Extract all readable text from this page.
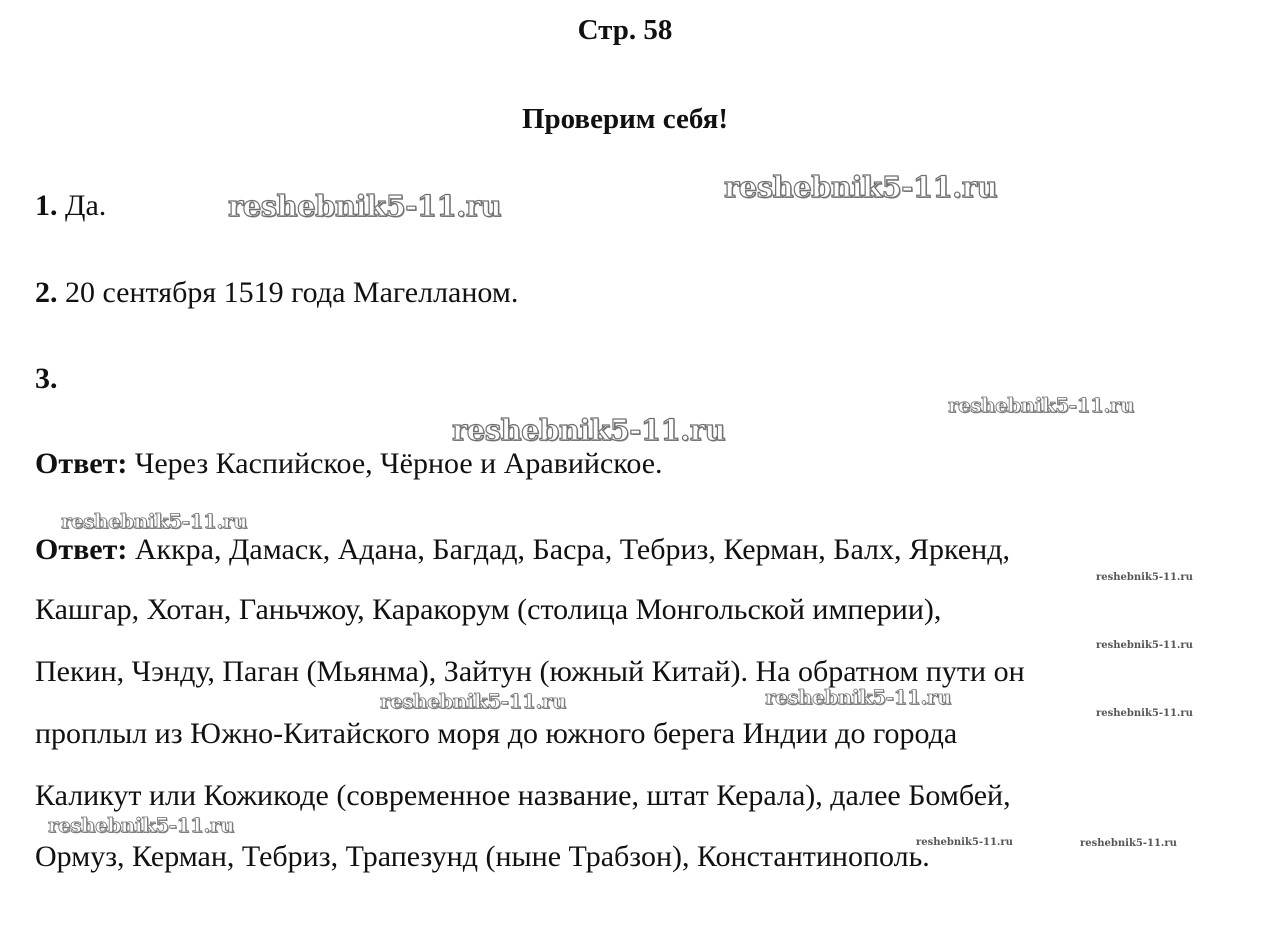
Стр. 58
Проверим себя!
1. Да.
2. 20 сентября 1519 года Магелланом.
3.
Ответ: Через Каспийское, Чёрное и Аравийское.
Ответ: Аккра, Дамаск, Адана, Багдад, Басра, Тебриз, Керман, Балх, Яркенд,
Кашгар, Хотан, Ганьчжоу, Каракорум (столица Монгольской империи),
Пекин, Чэнду, Паган (Мьянма), Зайтун (южный Китай). На обратном пути он
проплыл из Южно-Китайского моря до южного берега Индии до города
Каликут или Кожикоде (современное название, штат Керала), далее Бомбей,
Ормуз, Керман, Тебриз, Трапезунд (ныне Трабзон), Константинополь.
reshebnik5-11.ru
reshebnik5-11.ru
reshebnik5-11.ru
reshebnik5-11.ru
reshebnik5-11.ru
reshebnik5-11.ru	reshebnik5-11.ru
reshebnik5-11.ru
reshebnik5-11.ru
reshebnik5-11.ru
reshebnik5-11.ru
reshebnik5-11.ru	reshebnik5-11.ru
